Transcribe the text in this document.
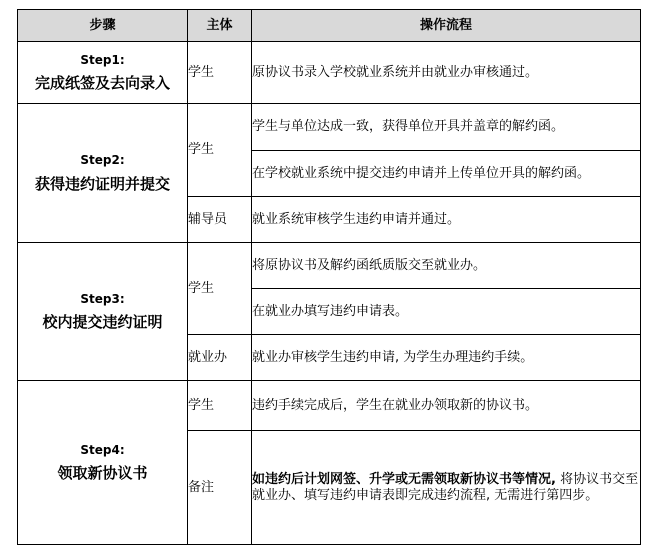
步骤	主体	操作流程

Step1:
完成纸签及去向录入	学生	原协议书录入学校就业系统并由就业办审核通过。

Step2:
获得违约证明并提交	学生	学生与单位达成一致，获得单位开具并盖章的解约函。
		在学校就业系统中提交违约申请并上传单位开具的解约函。
	辅导员	就业系统审核学生违约申请并通过。

Step3:
校内提交违约证明	学生	将原协议书及解约函纸质版交至就业办。
		在就业办填写违约申请表。
	就业办	就业办审核学生违约申请, 为学生办理违约手续。

Step4:
领取新协议书	学生	违约手续完成后，学生在就业办领取新的协议书。
	备注	如违约后计划网签、升学或无需领取新协议书等情况, 将协议书交至就业办、填写违约申请表即完成违约流程, 无需进行第四步。
